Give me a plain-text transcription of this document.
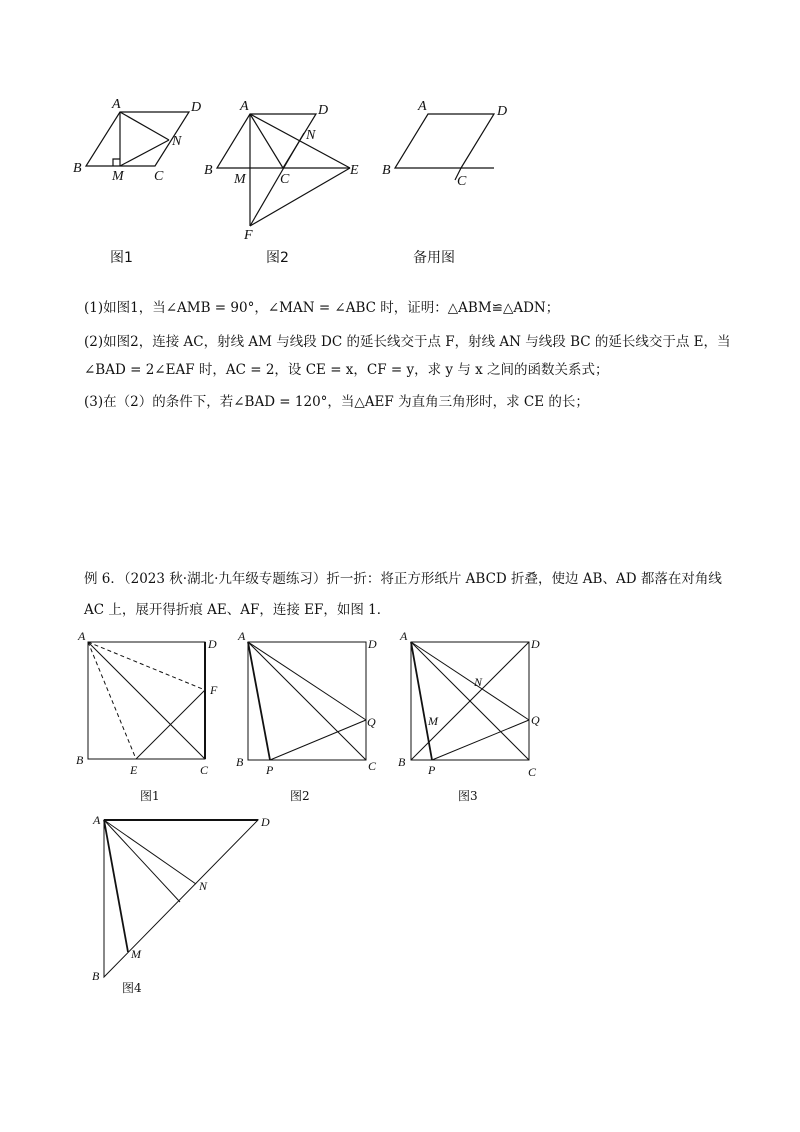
A	D
B
M C
N
图1
A	D
N
B
M C
E
F
图2
A	D
B
C
备用图
(1)如图1，当∠AMB = 90°，∠MAN = ∠ABC 时，证明：△ABM≌△ADN；
(2)如图2，连接 AC，射线 AM 与线段 DC 的延长线交于点 F，射线 AN 与线段 BC 的延长线交于点 E，当
∠BAD = 2∠EAF 时，AC = 2，设 CE = x，CF = y，求 y 与 x 之间的函数关系式；
(3)在（2）的条件下，若∠BAD = 120°，当△AEF 为直角三角形时，求 CE 的长；
例 6．（2023 秋·湖北·九年级专题练习）折一折：将正方形纸片 ABCD 折叠，使边 AB、AD 都落在对角线
AC 上，展开得折痕 AE、AF，连接 EF，如图 1．
A
D
F
B
E	C
图1
A
D
Q
B
P	C
图2
A
D
N
M	Q
B
P	C
图3
A	D
N
M
B
图4
